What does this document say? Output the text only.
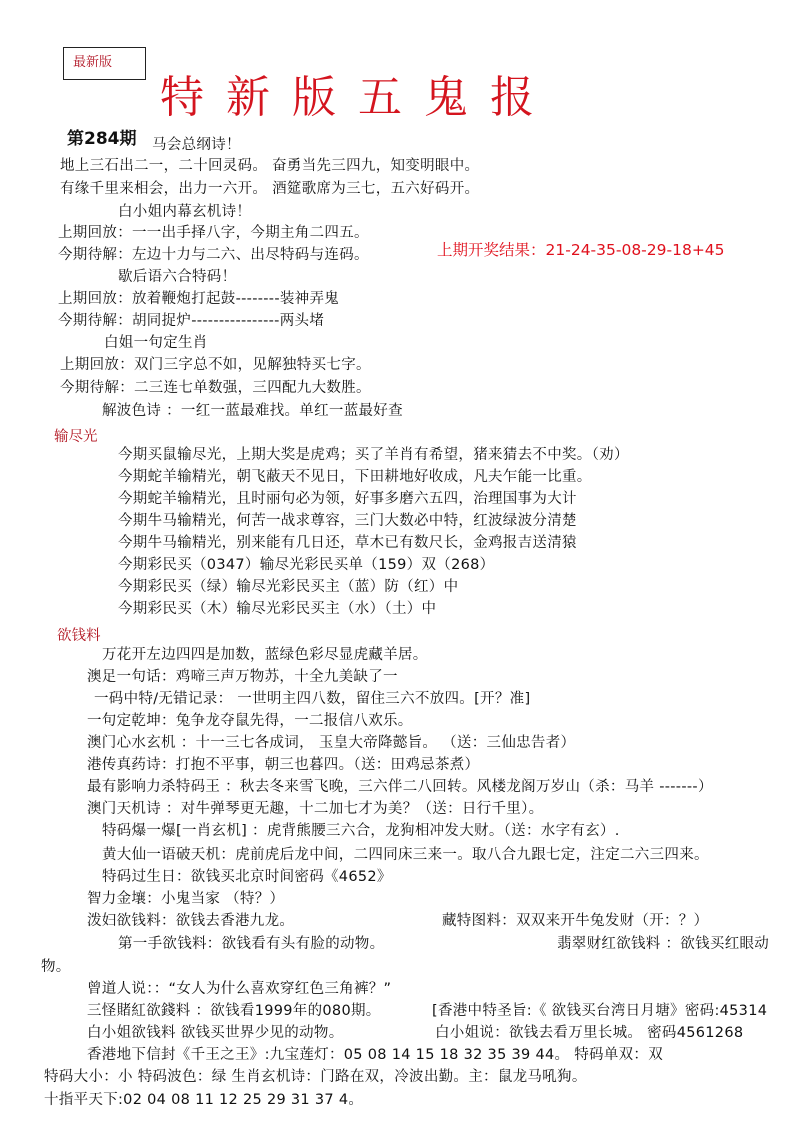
最新版
特新版五鬼报
第284期
上期开奖结果：21-24-35-08-29-18+45
马会总纲诗！
地上三石出二一，二十回灵码。 奋勇当先三四九，知变明眼中。
有缘千里来相会，出力一六开。 酒筵歌席为三七，五六好码开。
白小姐内幕玄机诗！
上期回放：一一出手择八字，今期主角二四五。
今期待解：左边十力与二六、出尽特码与连码。
歇后语六合特码！
上期回放：放着鞭炮打起鼓--------装神弄鬼
今期待解：胡同捉炉----------------两头堵
白姐一句定生肖
上期回放：双门三字总不如，见解独特买七字。
今期待解：二三连七单数强，三四配九大数胜。
解波色诗 ：一红一蓝最难找。单红一蓝最好查
输尽光
今期买鼠输尽光，上期大奖是虎鸡；买了羊肖有希望，猪来猜去不中奖。（劝）
今期蛇羊输精光，朝飞蔽天不见日，下田耕地好收成，凡夫乍能一比重。
今期蛇羊输精光，且时丽句必为领，好事多磨六五四，治理国事为大计
今期牛马输精光，何苦一战求尊容，三门大数必中特，红波绿波分清楚
今期牛马输精光，别来能有几日还，草木已有数尺长，金鸡报吉送清猿
今期彩民买（0347）输尽光彩民买单（159）双（268）
今期彩民买（绿）输尽光彩民买主（蓝）防（红）中
今期彩民买（木）输尽光彩民买主（水）（土）中
欲钱料
万花开左边四四是加数，蓝绿色彩尽显虎藏羊居。
澳足一句话：鸡啼三声万物苏，十全九美缺了一
一码中特/无错记录： 一世明主四八数，留住三六不放四。[开？准]
一句定乾坤：兔争龙夺鼠先得，一二报信八欢乐。
澳门心水玄机 ：十一三七各成词， 玉皇大帝降懿旨。 （送：三仙忠告者）
港传真药诗：打抱不平事，朝三也暮四。（送：田鸡忌茶煮）
最有影响力杀特码王 ：秋去冬来雪飞晚，三六伴二八回转。风楼龙阁万岁山（杀：马羊 -------）
澳门天机诗 ：对牛弹琴更无趣，十二加七才为美？（送：日行千里）。
特码爆一爆[一肖玄机] ：虎背熊腰三六合，龙狗相冲发大财。（送：水字有玄）.
黄大仙一语破天机：虎前虎后龙中间，二四同床三来一。取八合九跟七定，注定二六三四来。
特码过生日：欲钱买北京时间密码《4652》
智力金壤：小鬼当家 （特？）
泼妇欲钱料：欲钱去香港九龙。	藏特图料：双双来开牛兔发财（开：？）
第一手欲钱料：欲钱看有头有脸的动物。	翡翠财红欲钱料 ：欲钱买红眼动
物。
曾道人说：：“女人为什么喜欢穿红色三角裤？”
三怪賭紅欲錢料 ：欲钱看1999年的080期。	[香港中特圣旨:《 欲钱买台湾日月塘》密码:45314
白小姐欲钱料 欲钱买世界少见的动物。	白小姐说：欲钱去看万里长城。 密码4561268
香港地下信封《千王之王》:九宝莲灯：05 08 14 15 18 32 35 39 44。 特码单双：双
特码大小：小 特码波色：绿 生肖玄机诗：门路在双，冷波出勤。主：鼠龙马吼狗。
十指平天下:02 04 08 11 12 25 29 31 37 4。
